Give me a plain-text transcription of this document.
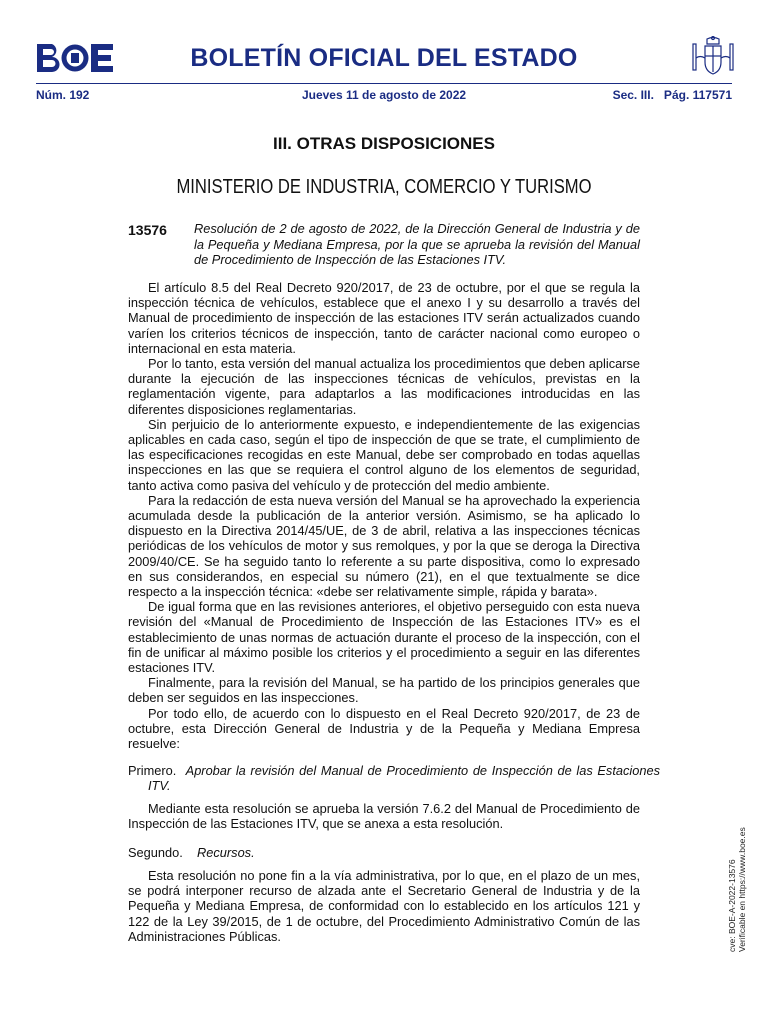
BOLETÍN OFICIAL DEL ESTADO
Núm. 192	Jueves 11 de agosto de 2022	Sec. III.   Pág. 117571
III. OTRAS DISPOSICIONES
MINISTERIO DE INDUSTRIA, COMERCIO Y TURISMO
13576 Resolución de 2 de agosto de 2022, de la Dirección General de Industria y de la Pequeña y Mediana Empresa, por la que se aprueba la revisión del Manual de Procedimiento de Inspección de las Estaciones ITV.

El artículo 8.5 del Real Decreto 920/2017, de 23 de octubre, por el que se regula la inspección técnica de vehículos, establece que el anexo I y su desarrollo a través del Manual de procedimiento de inspección de las estaciones ITV serán actualizados cuando varíen los criterios técnicos de inspección, tanto de carácter nacional como europeo o internacional en esta materia.

Por lo tanto, esta versión del manual actualiza los procedimientos que deben aplicarse durante la ejecución de las inspecciones técnicas de vehículos, previstas en la reglamentación vigente, para adaptarlos a las modificaciones introducidas en las diferentes disposiciones reglamentarias.

Sin perjuicio de lo anteriormente expuesto, e independientemente de las exigencias aplicables en cada caso, según el tipo de inspección de que se trate, el cumplimiento de las especificaciones recogidas en este Manual, debe ser comprobado en todas aquellas inspecciones en las que se requiera el control alguno de los elementos de seguridad, tanto activa como pasiva del vehículo y de protección del medio ambiente.

Para la redacción de esta nueva versión del Manual se ha aprovechado la experiencia acumulada desde la publicación de la anterior versión. Asimismo, se ha aplicado lo dispuesto en la Directiva 2014/45/UE, de 3 de abril, relativa a las inspecciones técnicas periódicas de los vehículos de motor y sus remolques, y por la que se deroga la Directiva 2009/40/CE. Se ha seguido tanto lo referente a su parte dispositiva, como lo expresado en sus considerandos, en especial su número (21), en el que textualmente se dice respecto a la inspección técnica: «debe ser relativamente simple, rápida y barata».

De igual forma que en las revisiones anteriores, el objetivo perseguido con esta nueva revisión del «Manual de Procedimiento de Inspección de las Estaciones ITV» es el establecimiento de unas normas de actuación durante el proceso de la inspección, con el fin de unificar al máximo posible los criterios y el procedimiento a seguir en las diferentes estaciones ITV.

Finalmente, para la revisión del Manual, se ha partido de los principios generales que deben ser seguidos en las inspecciones.

Por todo ello, de acuerdo con lo dispuesto en el Real Decreto 920/2017, de 23 de octubre, esta Dirección General de Industria y de la Pequeña y Mediana Empresa resuelve:

Primero. Aprobar la revisión del Manual de Procedimiento de Inspección de las Estaciones ITV.
Mediante esta resolución se aprueba la versión 7.6.2 del Manual de Procedimiento de Inspección de las Estaciones ITV, que se anexa a esta resolución.
Segundo. Recursos.
Esta resolución no pone fin a la vía administrativa, por lo que, en el plazo de un mes, se podrá interponer recurso de alzada ante el Secretario General de Industria y de la Pequeña y Mediana Empresa, de conformidad con lo establecido en los artículos 121 y 122 de la Ley 39/2015, de 1 de octubre, del Procedimiento Administrativo Común de las Administraciones Públicas.	cve: BOE-A-2022-13576 Verificable en https://www.boe.es
